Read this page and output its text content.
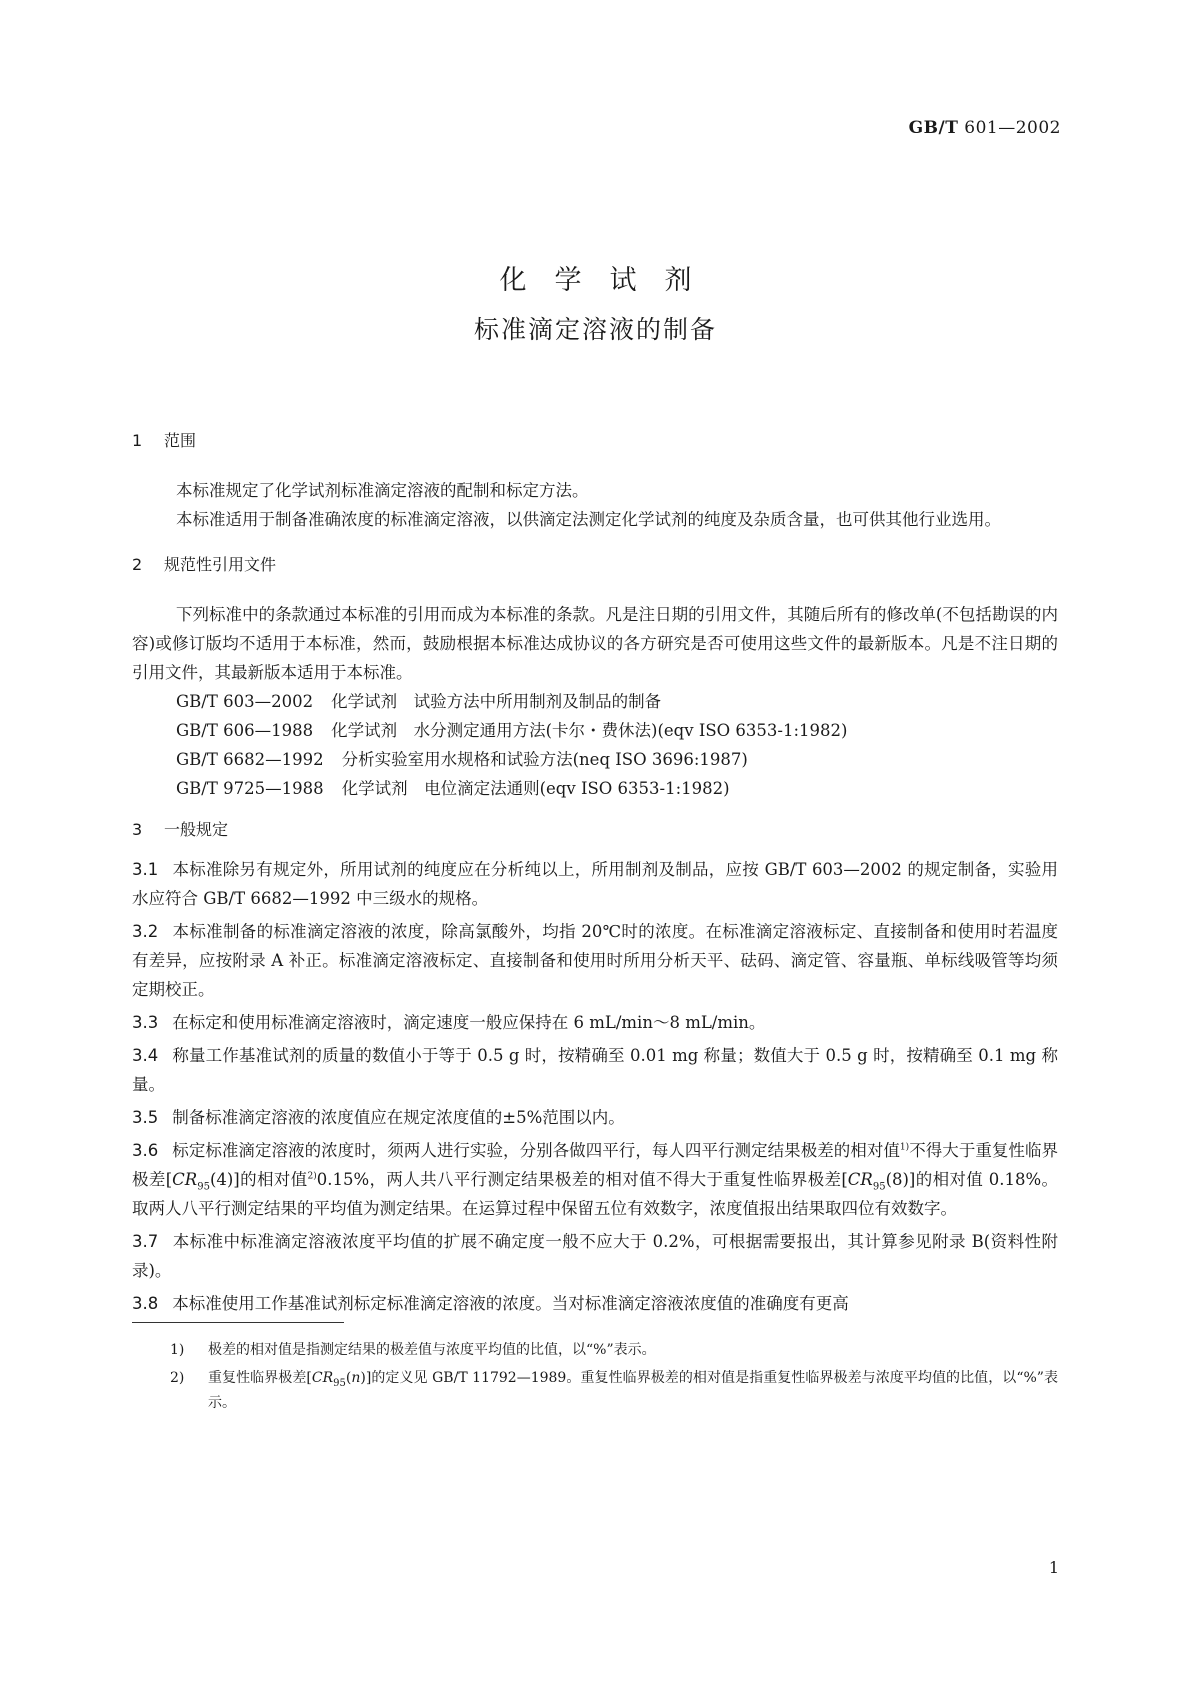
GB/T 601—2002
化学试剂
标准滴定溶液的制备
1 范围
本标准规定了化学试剂标准滴定溶液的配制和标定方法。
本标准适用于制备准确浓度的标准滴定溶液，以供滴定法测定化学试剂的纯度及杂质含量，也可供其他行业选用。
2 规范性引用文件
下列标准中的条款通过本标准的引用而成为本标准的条款。凡是注日期的引用文件，其随后所有的修改单(不包括勘误的内容)或修订版均不适用于本标准，然而，鼓励根据本标准达成协议的各方研究是否可使用这些文件的最新版本。凡是不注日期的引用文件，其最新版本适用于本标准。
GB/T 603—2002 化学试剂　试验方法中所用制剂及制品的制备
GB/T 606—1988 化学试剂　水分测定通用方法(卡尔・费休法)(eqv ISO 6353-1:1982)
GB/T 6682—1992 分析实验室用水规格和试验方法(neq ISO 3696:1987)
GB/T 9725—1988 化学试剂　电位滴定法通则(eqv ISO 6353-1:1982)
3 一般规定
3.1 本标准除另有规定外，所用试剂的纯度应在分析纯以上，所用制剂及制品，应按 GB/T 603—2002 的规定制备，实验用水应符合 GB/T 6682—1992 中三级水的规格。
3.2 本标准制备的标准滴定溶液的浓度，除高氯酸外，均指 20℃时的浓度。在标准滴定溶液标定、直接制备和使用时若温度有差异，应按附录 A 补正。标准滴定溶液标定、直接制备和使用时所用分析天平、砝码、滴定管、容量瓶、单标线吸管等均须定期校正。
3.3 在标定和使用标准滴定溶液时，滴定速度一般应保持在 6 mL/min～8 mL/min。
3.4 称量工作基准试剂的质量的数值小于等于 0.5 g 时，按精确至 0.01 mg 称量；数值大于 0.5 g 时，按精确至 0.1 mg 称量。
3.5 制备标准滴定溶液的浓度值应在规定浓度值的±5%范围以内。
3.6 标定标准滴定溶液的浓度时，须两人进行实验，分别各做四平行，每人四平行测定结果极差的相对值$^{1)}$不得大于重复性临界极差$[CR_{95}(4)]$的相对值$^{2)}$0.15%，两人共八平行测定结果极差的相对值不得大于重复性临界极差$[CR_{95}(8)]$的相对值 0.18%。取两人八平行测定结果的平均值为测定结果。在运算过程中保留五位有效数字，浓度值报出结果取四位有效数字。
3.7 本标准中标准滴定溶液浓度平均值的扩展不确定度一般不应大于 0.2%，可根据需要报出，其计算参见附录 B(资料性附录)。
3.8 本标准使用工作基准试剂标定标准滴定溶液的浓度。当对标准滴定溶液浓度值的准确度有更高
1)	极差的相对值是指测定结果的极差值与浓度平均值的比值，以“%”表示。
2)	重复性临界极差$[CR_{95}(n)]$的定义见 GB/T 11792—1989。重复性临界极差的相对值是指重复性临界极差与浓度平均值的比值，以“%”表示。
1
